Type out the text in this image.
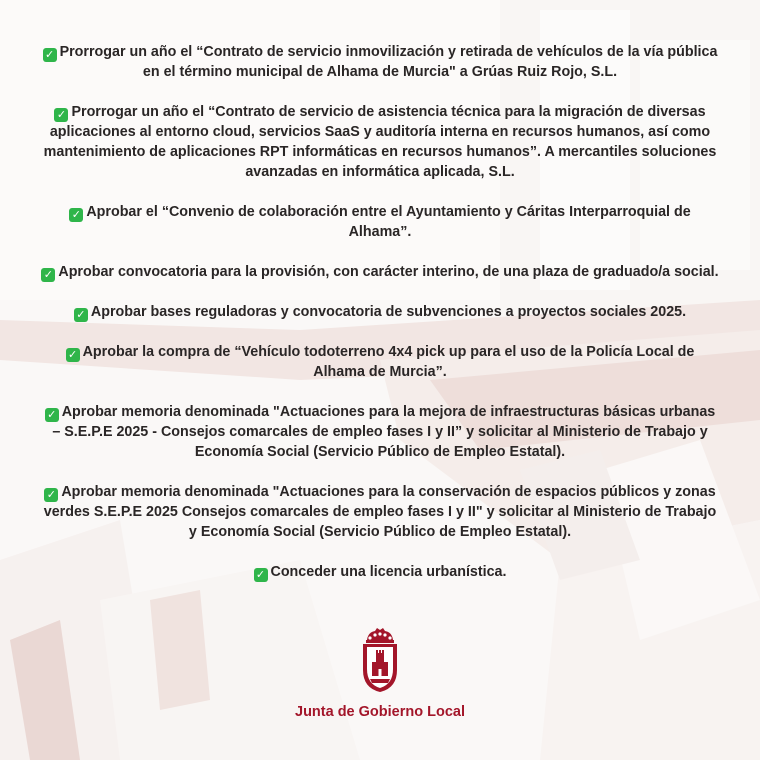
✓ Prorrogar un año el “Contrato de servicio inmovilización y retirada de vehículos de la vía pública en el término municipal de Alhama de Murcia" a Grúas Ruiz Rojo, S.L.

✓ Prorrogar un año el “Contrato de servicio de asistencia técnica para la migración de diversas aplicaciones al entorno cloud, servicios SaaS y auditoría interna en recursos humanos, así como mantenimiento de aplicaciones RPT informáticas en recursos humanos”. A mercantiles soluciones avanzadas en informática aplicada, S.L.

✓ Aprobar el “Convenio de colaboración entre el Ayuntamiento y Cáritas Interparroquial de Alhama”.

✓ Aprobar convocatoria para la provisión, con carácter interino, de una plaza de graduado/a social.

✓ Aprobar bases reguladoras y convocatoria de subvenciones a proyectos sociales 2025.

✓ Aprobar la compra de “Vehículo todoterreno 4x4 pick up para el uso de la Policía Local de Alhama de Murcia”.

✓ Aprobar memoria denominada "Actuaciones para la mejora de infraestructuras básicas urbanas – S.E.P.E 2025 - Consejos comarcales de empleo fases I y II” y solicitar al Ministerio de Trabajo y Economía Social (Servicio Público de Empleo Estatal).

✓ Aprobar memoria denominada "Actuaciones para la conservación de espacios públicos y zonas verdes S.E.P.E 2025 Consejos comarcales de empleo fases I y II" y solicitar al Ministerio de Trabajo y Economía Social (Servicio Público de Empleo Estatal).

✓ Conceder una licencia urbanística.

Junta de Gobierno Local
